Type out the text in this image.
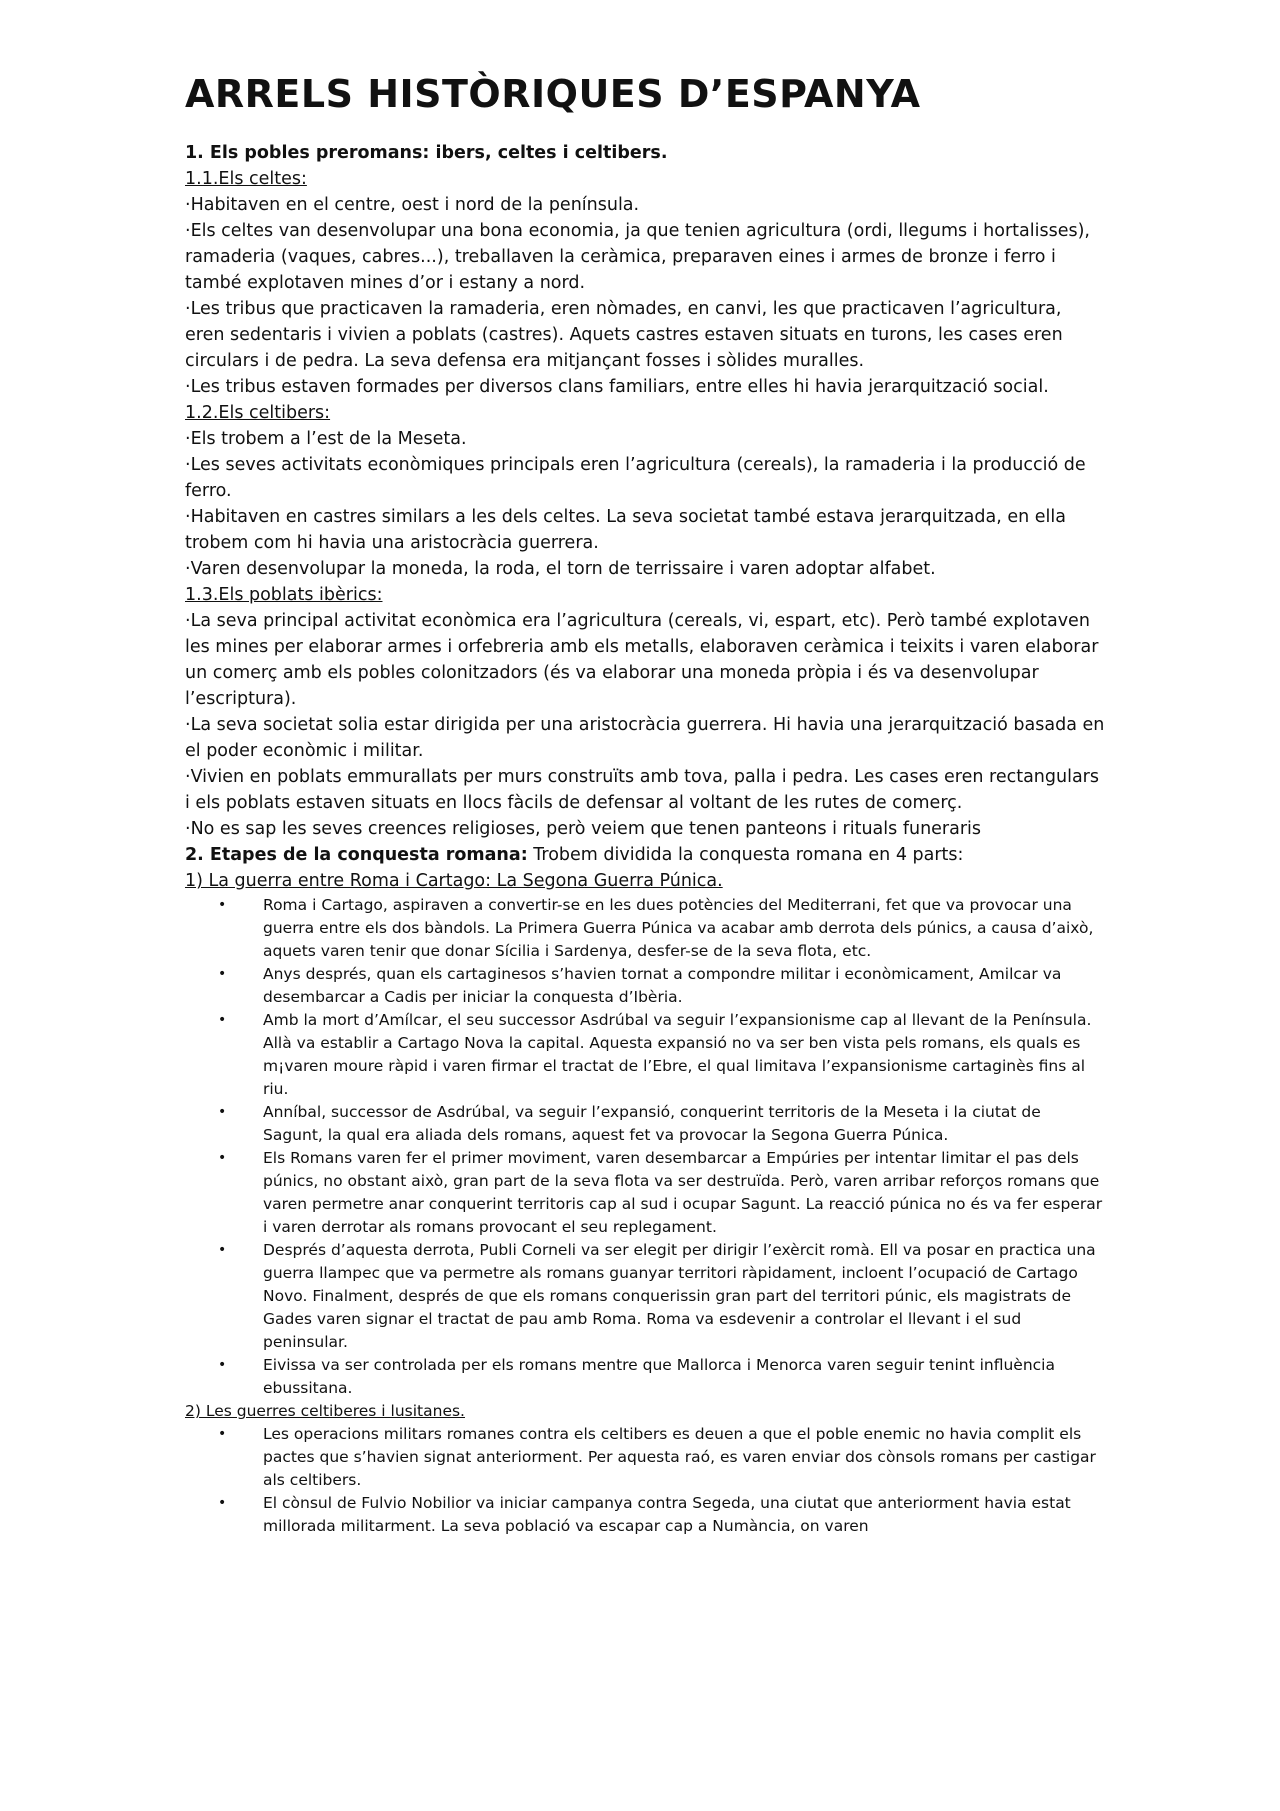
ARRELS HISTÒRIQUES D’ESPANYA

1. Els pobles preromans: ibers, celtes i celtibers.

1.1.Els celtes:

·Habitaven en el centre, oest i nord de la península.

·Els celtes van desenvolupar una bona economia, ja que tenien agricultura (ordi, llegums i hortalisses), ramaderia (vaques, cabres...), treballaven la ceràmica, preparaven eines i armes de bronze i ferro i també explotaven mines d’or i estany a nord.

·Les tribus que practicaven la ramaderia, eren nòmades, en canvi, les que practicaven l’agricultura, eren sedentaris i vivien a poblats (castres). Aquets castres estaven situats en turons, les cases eren circulars i de pedra. La seva defensa era mitjançant fosses i sòlides muralles.

·Les tribus estaven formades per diversos clans familiars, entre elles hi havia jerarquització social.

1.2.Els celtibers:

·Els trobem a l’est de la Meseta.

·Les seves activitats econòmiques principals eren l’agricultura (cereals), la ramaderia i la producció de ferro.

·Habitaven en castres similars a les dels celtes. La seva societat també estava jerarquitzada, en ella trobem com hi havia una aristocràcia guerrera.

·Varen desenvolupar la moneda, la roda, el torn de terrissaire i varen adoptar alfabet.

1.3.Els poblats ibèrics:

·La seva principal activitat econòmica era l’agricultura (cereals, vi, espart, etc). Però també explotaven les mines per elaborar armes i orfebreria amb els metalls, elaboraven ceràmica i teixits i varen elaborar un comerç amb els pobles colonitzadors (és va elaborar una moneda pròpia i és va desenvolupar l’escriptura).

·La seva societat solia estar dirigida per una aristocràcia guerrera. Hi havia una jerarquització basada en el poder econòmic i militar.

·Vivien en poblats emmurallats per murs construïts amb tova, palla i pedra. Les cases eren rectangulars i els poblats estaven situats en llocs fàcils de defensar al voltant de les rutes de comerç.

·No es sap les seves creences religioses, però veiem que tenen panteons i rituals funeraris

2. Etapes de la conquesta romana: Trobem dividida la conquesta romana en 4 parts:

1) La guerra entre Roma i Cartago: La Segona Guerra Púnica.

• Roma i Cartago, aspiraven a convertir-se en les dues potències del Mediterrani, fet que va provocar una guerra entre els dos bàndols. La Primera Guerra Púnica va acabar amb derrota dels púnics, a causa d’això, aquets varen tenir que donar Sícilia i Sardenya, desfer-se de la seva flota, etc.
• Anys després, quan els cartaginesos s’havien tornat a compondre militar i econòmicament, Amilcar va desembarcar a Cadis per iniciar la conquesta d’Ibèria.
• Amb la mort d’Amílcar, el seu successor Asdrúbal va seguir l’expansionisme cap al llevant de la Península. Allà va establir a Cartago Nova la capital. Aquesta expansió no va ser ben vista pels romans, els quals es m¡varen moure ràpid i varen firmar el tractat de l’Ebre, el qual limitava l’expansionisme cartaginès fins al riu.
• Anníbal, successor de Asdrúbal, va seguir l’expansió, conquerint territoris de la Meseta i la ciutat de Sagunt, la qual era aliada dels romans, aquest fet va provocar la Segona Guerra Púnica.
• Els Romans varen fer el primer moviment, varen desembarcar a Empúries per intentar limitar el pas dels púnics, no obstant això, gran part de la seva flota va ser destruïda. Però, varen arribar reforços romans que varen permetre anar conquerint territoris cap al sud i ocupar Sagunt. La reacció púnica no és va fer esperar i varen derrotar als romans provocant el seu replegament.
• Després d’aquesta derrota, Publi Corneli va ser elegit per dirigir l’exèrcit romà. Ell va posar en practica una guerra llampec que va permetre als romans guanyar territori ràpidament, incloent l’ocupació de Cartago Novo. Finalment, després de que els romans conquerissin gran part del territori púnic, els magistrats de Gades varen signar el tractat de pau amb Roma. Roma va esdevenir a controlar el llevant i el sud peninsular.
• Eivissa va ser controlada per els romans mentre que Mallorca i Menorca varen seguir tenint influència ebussitana.

2) Les guerres celtiberes i lusitanes.

• Les operacions militars romanes contra els celtibers es deuen a que el poble enemic no havia complit els pactes que s’havien signat anteriorment. Per aquesta raó, es varen enviar dos cònsols romans per castigar als celtibers.
• El cònsul de Fulvio Nobilior va iniciar campanya contra Segeda, una ciutat que anteriorment havia estat millorada militarment. La seva població va escapar cap a Numància, on varen
